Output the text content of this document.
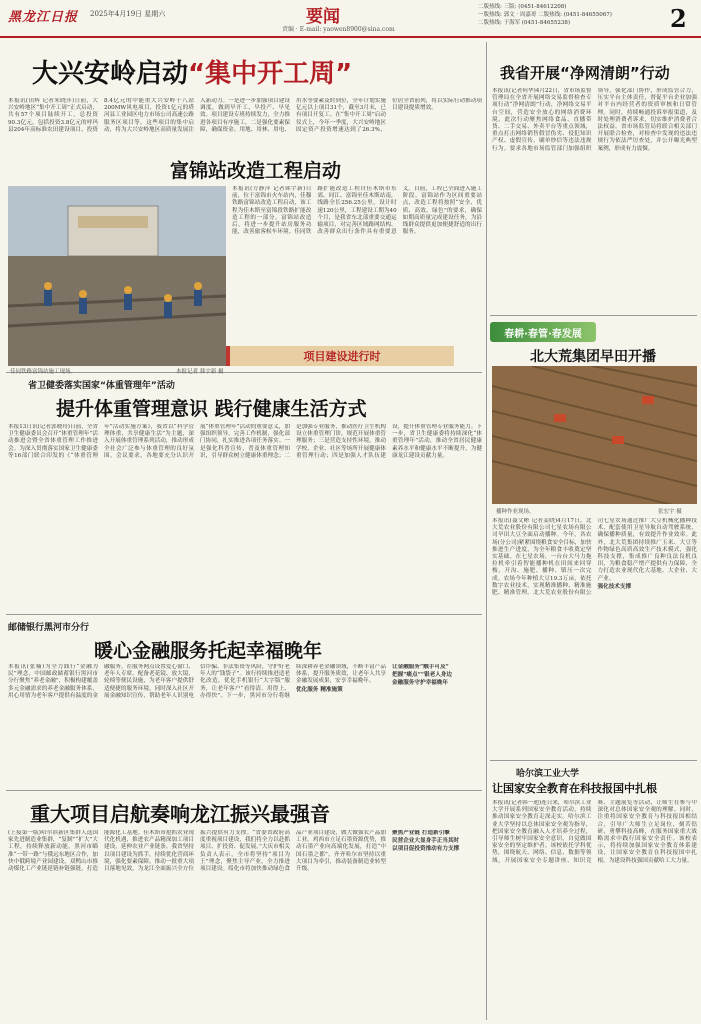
黑龙江日报 2025年4月19日 星期六	要闻
责编 · E-mail: yaowen8900@sina.com
二版热线: 三版: (0451-84612208)
一版热线: 郭文 · 周嘉哥 二版热线: (0451-84655067)
二版热线: 于海军 (0451-84655238)	2
大兴安岭启动“集中开工周”
本报讯(田辉 记者朱晓萍)日前，大兴安岭地区“集中开工周”正式启动，共有57个项目陆续开工，总投资90.3亿元，包括投资3.8亿元的呼玛县204年高标准农田建设项目、投资8.4亿元的中能重大兴安岭十八站200MW风电项目、投资1亿元的塔河县工业园区电力市场公司高速公路服务区项目等。这些项目的集中启动，将为大兴安岭地区高质量发展注入新动力。一是进一步加强项目建设调度，做到早开工、早投产、早见效。项目建设专班持续发力，全力推进各项目有序施工，二是强化要素保障，确保资金、用地、用林、用电、用水等要素及时到位，全年计划实施亿元以上项目31个，截至3月末，已有项目开复工。在“集中开工周”启动仪式上，今年一季度，大兴安岭地区固定资产投资增速达到了26.3%，位居全省前列，将以实际行动推动项目建设提质增效。
富锦站改造工程启动
佳同铁路富锦站施工现场。	本报记者 韩宇新 摄
本报讯(方静萍 记者韩宇新)日前，位于富锦市火车站内，佳穆铁路富锦站改造工程启动，该工程为佳木斯至富锦段铁路扩能改造工程的一部分。富锦站改造后，将进一步提升站房服务功能，改善旅客候车环境。佳同铁路扩能改造工程自佳木斯市东郊、同江、富锦至佳木斯站南，线路全长256.25公里，设计时速120公里，工程建设工期为40个月，是我省东北部重要交通运输项目，对完善区域路网结构、改善群众出行条件具有重要意义。目前，工程已全面进入施工阶段。富锦站作为区间重要站点，改造工程将按照“安全、优质、高效、绿色”的要求，确保如期高质量完成建设任务，为沿线群众提供更加便捷舒适的出行服务。
项目建设进行时
省卫健委落实国家“体重管理年”活动
提升体重管理意识 践行健康生活方式
本报13日讯(记者郭晓玲)日前，全省卫生健康委员会召开“体重管理年”活动推进会暨全省体重管理工作推进会。为深入贯彻落实国家卫生健康委等16部门联合印发的《“体重管理年”活动实施方案》，我省以“科学管理体重，共享健康生活”为主题，深入开展体重管理系列活动，推动形成全社会广泛参与体重管理的良好氛围。会议要求，各地要充分认识开展“体重管理年”活动的重要意义，加强组织领导，完善工作机制，强化部门协同，扎实推进各项任务落实。一是强化科普宣传，普及体重管理知识，引导群众树立健康体重理念；二是加强专业服务，推动医疗卫生机构设立体重管理门诊，规范开展体重管理服务；三是营造支持性环境，推动学校、企业、社区等场所开展健康体重管理行动；四是加强人才队伍建设，提升体重管理专业服务能力。下一步，省卫生健康委将持续深化“体重管理年”活动，推动全省居民健康素养水平和健康水平不断提升，为健康龙江建设贡献力量。
邮储银行黑河市分行
暖心金融服务托起幸福晚年

本报讯(张楠)为全力践行“金融为民”理念，中国邮政储蓄银行黑河市分行聚焦“养老金融”，积极构建覆盖多元金融需求的养老金融服务体系，用心用情为老年客户提供有温度的金融服务。在服务网点设置爱心窗口、老年人专席，配备老花镜、放大镜、轮椅等便民设施，为老年客户提供舒适便捷的服务环境。同时深入社区开展金融知识宣传，帮助老年人识别电信诈骗、非法集资等风险，守护好老年人的“钱袋子”。该行持续推进适老化改造，优化手机银行“大字版”服务，让老年客户“看得清、用得上、办得快”。下一步，黑河市分行将继续深耕养老金融领域，不断丰富产品体系，提升服务质效，让老年人共享金融发展成果，安享幸福晚年。

优化服务 精准施策

让金融服务“触手可及”

把握“痛点”“银老人身边

金融服务守护幸福晚年

重大项目启航奏响龙江振兴最强音

(上接第一版)哈尔滨新区集群人选国家先进制造业集群，“复制”“扩大”大工程，持续释放新动能。黑河市瞄准“一带一路”与俄远东地区合作，加快中俄跨境产业园建设。双鸭山市推动煤化工产业链延链补链强链，打造能源化工基地。佳木斯市抢抓农业现代化机遇，推进农产品精深加工项目建设，延伸农业产业链条。我省坚持以项目建设为抓手，持续优化营商环境，强化要素保障，推动一批重大项目落地见效，为龙江全面振兴全方位振兴提供有力支撑。“省委省政府高度重视项目建设，我们将全力以赴抓项目、扩投资、促发展。”大庆市相关负责人表示，全市将坚持“项目为王”理念，聚焦主导产业，全力推进项目建设。绥化市将加快推动绿色食品产业项目建设，做大做强农产品加工业。鸡西市立足石墨资源优势，推动石墨产业向高端化发展，打造“中国石墨之都”。齐齐哈尔市坚持以重大项目为牵引，推动装备制造业转型升级。

聚焦产业链 打造新引擎

民营企业大显身手正当其时

以项目促投资推动有力支撑

我省开展“净网清朗”行动
本报讯(记者何华)4月22日，省市场监督管理局在全省开展网络交易监督检查专项行动“净网清朗”行动，净网络交易平台空间，营造安全放心的网络消费环境。此次行动聚焦网络食品、直播带货、二手交易、外卖平台等重点领域，重点打击网络销售假冒伪劣、侵犯知识产权、虚假宣传、刷单炒信等违法违规行为。要求各地市场监管部门加强组织领导，强化部门协作，形成监管合力，压实平台主体责任，督促平台企业加强对平台内经营者的资质审核和日常管理。同时，持续畅通投诉举报渠道，及时处理消费者诉求，切实维护消费者合法权益。省市场监管局将联合相关部门开展联合检查，对检查中发现的违法违规行为依法严厉查处，并公开曝光典型案例，形成有力震慑。
春耕·春管·春发展
北大荒集团早田开播
播种作业现场。	张宏宇 摄

本报讯(聂文彬 记者姜晓)4月17日，北大荒农业股份有限公司七星农场有限公司旱田大豆全面启动播种。今年，各农场(分公司)紧紧围绕粮食安全目标，加快推进生产进度，为全年粮食丰收奠定坚实基础。在七星农场，一台台大马力拖拉机牵引着智能播种机在田间来回穿梭，开沟、施肥、播种、镇压一次完成。农场今年种植大豆19.3万亩，依托数字农业技术，实现精准播种、精准施肥、精准管理。北大荒农业股份有限公司七星农场通过推广大豆机械化播种技术，配套使用卫星导航自动驾驶系统，确保播种质量，有效提升作业效率。此外，北大荒集团持续推广玉米、大豆等作物绿色高质高效生产技术模式，强化科技支撑，集成推广良种良法良机良田，为粮食稳产增产提供有力保障，全力打造农业现代化大基地、大企业、大产业。

强化技术支撑

哈尔滨工业大学
让国家安全教育在科技报国中扎根
本报讯(记者韩一迪)连日来，哈尔滨工业大学开展系列国家安全教育活动，持续推动国家安全教育走深走实。哈尔滨工业大学坚持以总体国家安全观为指导，把国家安全教育融入人才培养全过程，引导师生树牢国家安全意识，自觉做国家安全的坚定维护者。该校依托学科优势，围绕航天、网络、信息、数据等领域，开展国家安全专题讲座、知识竞赛、主题展览等活动，让师生在参与中深化对总体国家安全观的理解。同时，注重将国家安全教育与科技报国相结合，引导广大师生立足岗位、刻苦钻研，勇攀科技高峰，在服务国家重大战略需求中践行国家安全责任。该校表示，将持续加强国家安全教育体系建设，让国家安全教育在科技报国中扎根，为建设科技强国贡献哈工大力量。
